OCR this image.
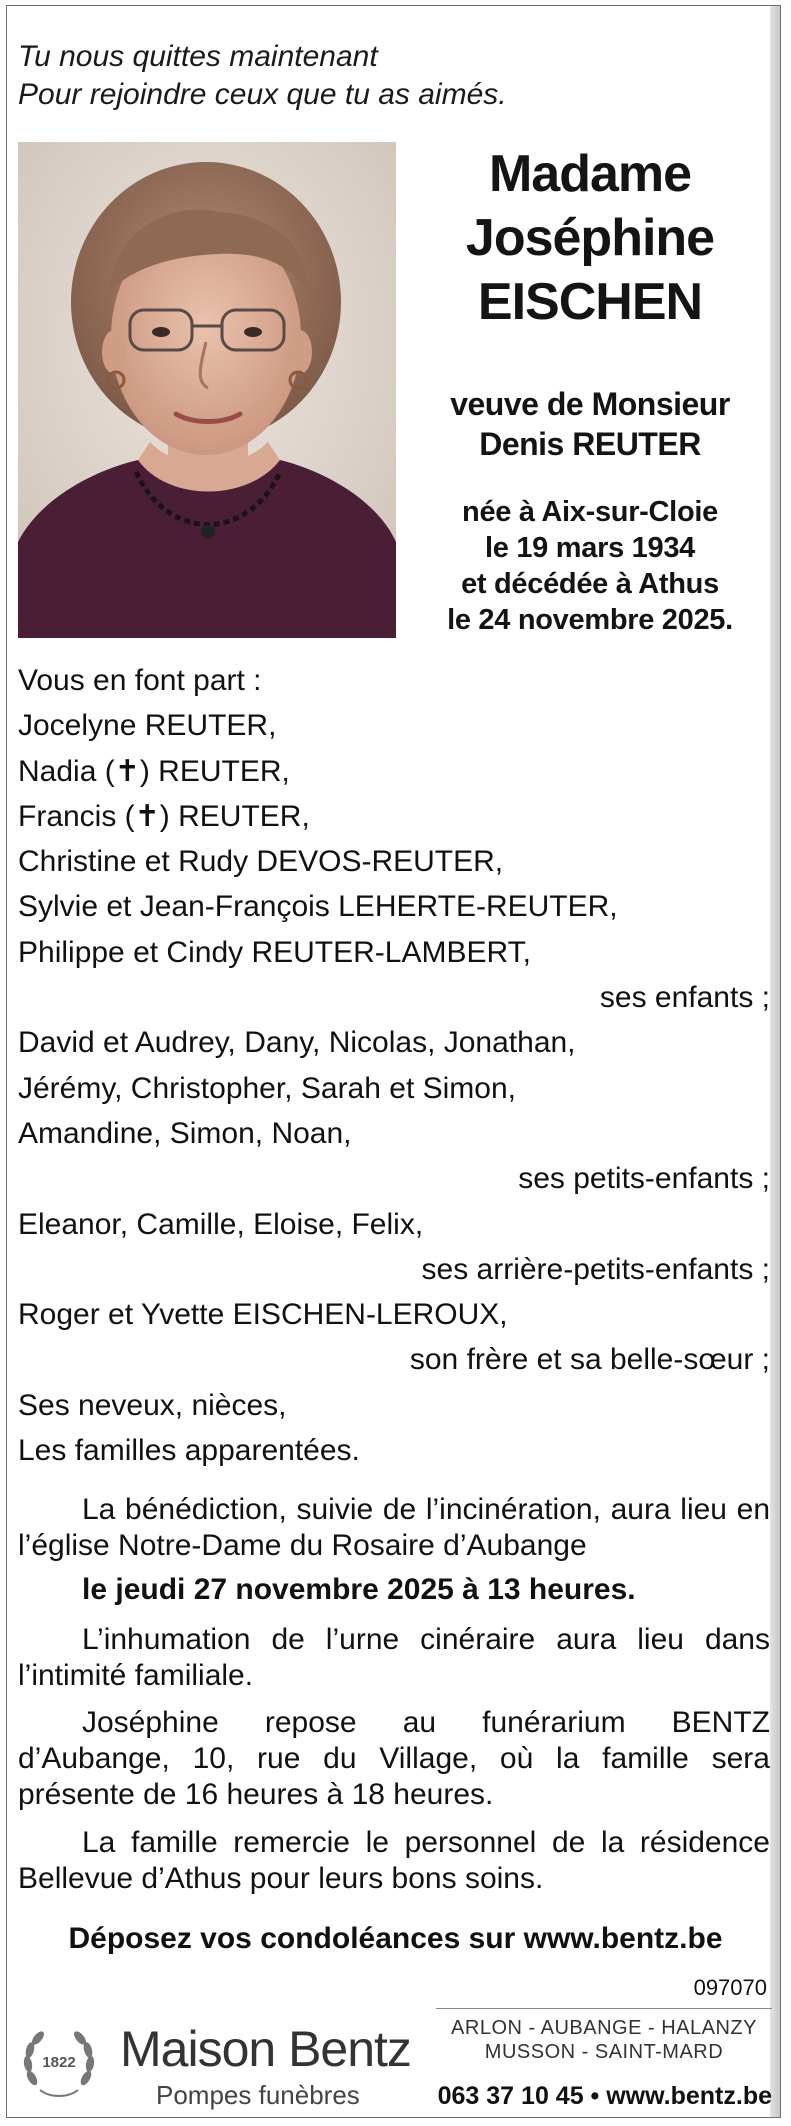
Tu nous quittes maintenant
Pour rejoindre ceux que tu as aimés.
Madame
Joséphine
EISCHEN
veuve de Monsieur
Denis REUTER
née à Aix-sur-Cloie
le 19 mars 1934
et décédée à Athus
le 24 novembre 2025.
Vous en font part :
Jocelyne REUTER,
Nadia (✝) REUTER,
Francis (✝) REUTER,
Christine et Rudy DEVOS-REUTER,
Sylvie et Jean-François LEHERTE-REUTER,
Philippe et Cindy REUTER-LAMBERT,
ses enfants ;
David et Audrey, Dany, Nicolas, Jonathan,
Jérémy, Christopher, Sarah et Simon,
Amandine, Simon, Noan,
ses petits-enfants ;
Eleanor, Camille, Eloise, Felix,
ses arrière-petits-enfants ;
Roger et Yvette EISCHEN-LEROUX,
son frère et sa belle-sœur ;
Ses neveux, nièces,
Les familles apparentées.
La bénédiction, suivie de l’incinération, aura lieu en l’église Notre-Dame du Rosaire d’Aubange
le jeudi 27 novembre 2025 à 13 heures.
L’inhumation de l’urne cinéraire aura lieu dans l’intimité familiale.
Joséphine repose au funérarium BENTZ d’Aubange, 10, rue du Village, où la famille sera présente de 16 heures à 18 heures.
La famille remercie le personnel de la résidence Bellevue d’Athus pour leurs bons soins.
Déposez vos condoléances sur www.bentz.be
097070
1822 Maison Bentz
Pompes funèbres
ARLON - AUBANGE - HALANZY
MUSSON - SAINT-MARD
063 37 10 45 • www.bentz.be
